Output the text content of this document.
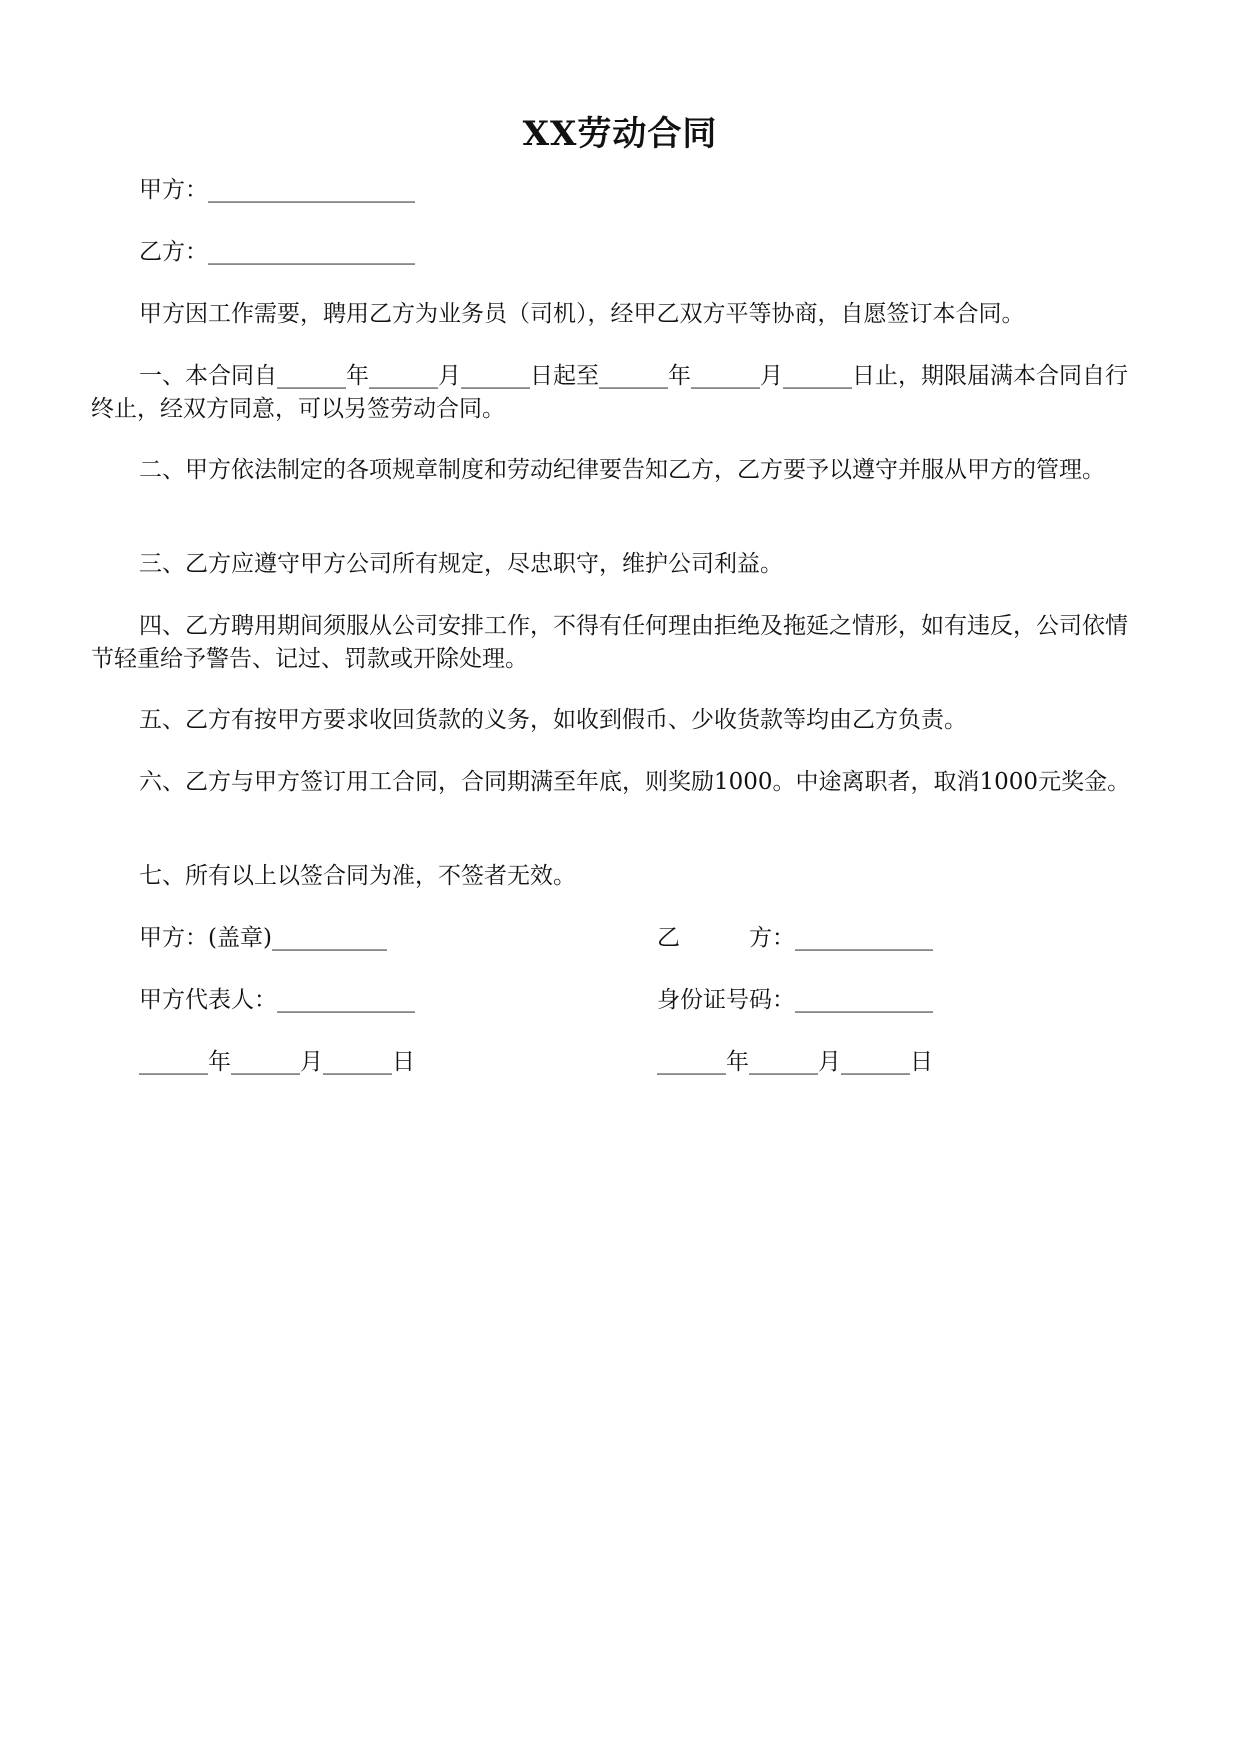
XX劳动合同
甲方：__________________
乙方：__________________
甲方因工作需要，聘用乙方为业务员（司机），经甲乙双方平等协商，自愿签订本合同。
一、本合同自______年______月______日起至______年______月______日止，期限届满本合同自行终止，经双方同意，可以另签劳动合同。
二、甲方依法制定的各项规章制度和劳动纪律要告知乙方，乙方要予以遵守并服从甲方的管理。
三、乙方应遵守甲方公司所有规定，尽忠职守，维护公司利益。
四、乙方聘用期间须服从公司安排工作，不得有任何理由拒绝及拖延之情形，如有违反，公司依情节轻重给予警告、记过、罚款或开除处理。
五、乙方有按甲方要求收回货款的义务，如收到假币、少收货款等均由乙方负责。
六、乙方与甲方签订用工合同，合同期满至年底，则奖励1000。中途离职者，取消1000元奖金。
七、所有以上以签合同为准，不签者无效。
甲方：(盖章)__________	乙　　　方：____________
甲方代表人：____________	身份证号码：____________
______年______月______日	______年______月______日
